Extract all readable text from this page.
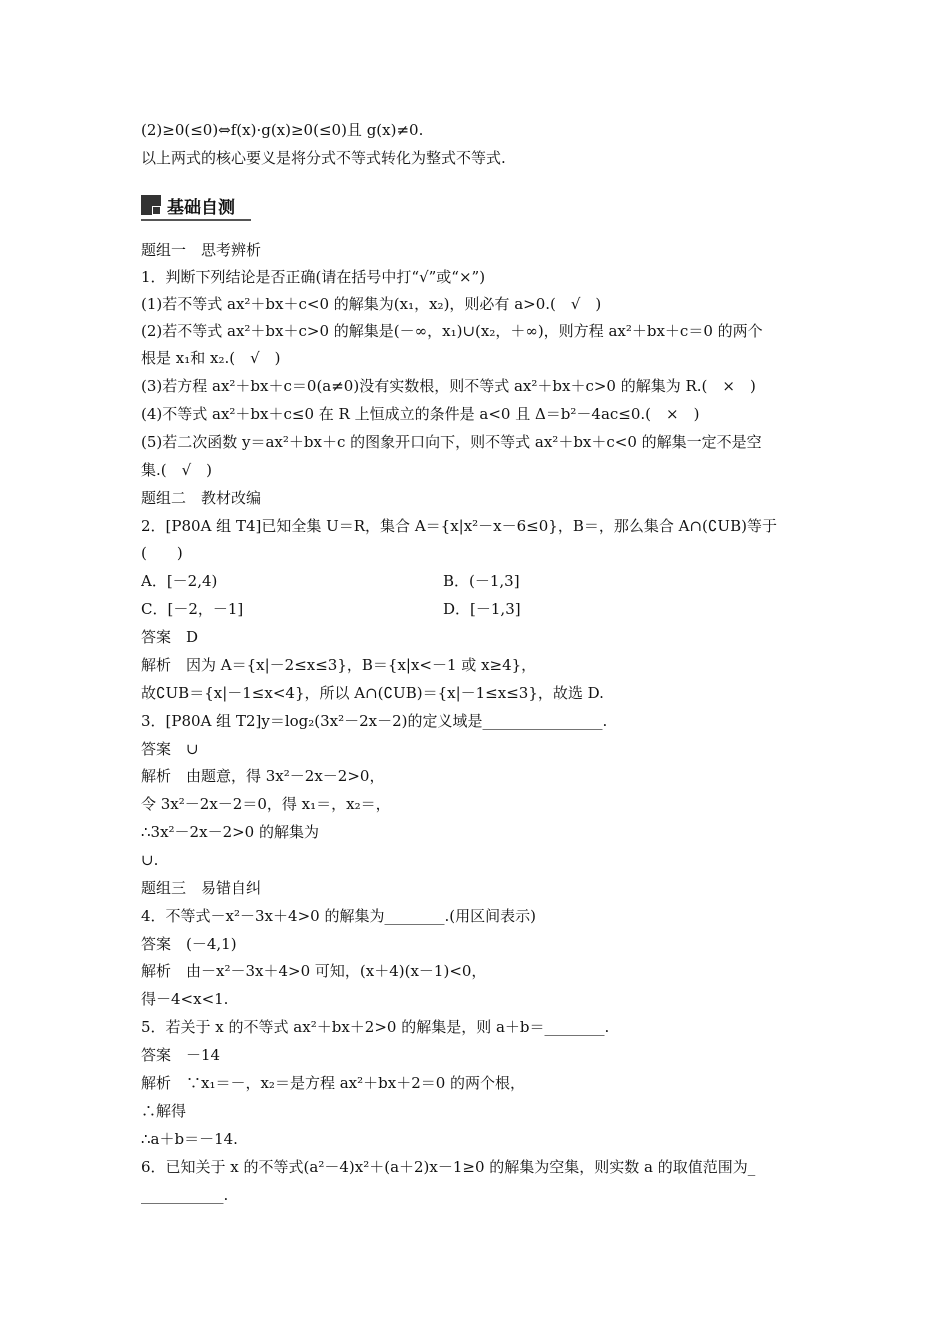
(2)≥0(≤0)⇔f(x)·g(x)≥0(≤0)且 g(x)≠0.
以上两式的核心要义是将分式不等式转化为整式不等式.
基础自测
题组一　思考辨析
1．判断下列结论是否正确(请在括号中打“√”或“×”)
(1)若不等式 ax²＋bx＋c<0 的解集为(x₁，x₂)，则必有 a>0.(　√　)
(2)若不等式 ax²＋bx＋c>0 的解集是(－∞，x₁)∪(x₂，＋∞)，则方程 ax²＋bx＋c＝0 的两个
根是 x₁和 x₂.(　√　)
(3)若方程 ax²＋bx＋c＝0(a≠0)没有实数根，则不等式 ax²＋bx＋c>0 的解集为 R.(　×　)
(4)不等式 ax²＋bx＋c≤0 在 R 上恒成立的条件是 a<0 且 Δ＝b²－4ac≤0.(　×　)
(5)若二次函数 y＝ax²＋bx＋c 的图象开口向下，则不等式 ax²＋bx＋c<0 的解集一定不是空
集.(　√　)
题组二　教材改编
2．[P80A 组 T4]已知全集 U＝R，集合 A＝{x|x²－x－6≤0}，B＝，那么集合 A∩(∁UB)等于
(　　)
A．[－2,4)	B．(－1,3]
C．[－2，－1]	D．[－1,3]
答案　D
解析　因为 A＝{x|－2≤x≤3}，B＝{x|x<－1 或 x≥4}，
故∁UB＝{x|－1≤x<4}，所以 A∩(∁UB)＝{x|－1≤x≤3}，故选 D.
3．[P80A 组 T2]y＝log₂(3x²－2x－2)的定义域是________________.
答案　∪
解析　由题意，得 3x²－2x－2>0，
令 3x²－2x－2＝0，得 x₁＝，x₂＝，
∴3x²－2x－2>0 的解集为
∪.
题组三　易错自纠
4．不等式－x²－3x＋4>0 的解集为________.(用区间表示)
答案　(－4,1)
解析　由－x²－3x＋4>0 可知，(x＋4)(x－1)<0，
得－4<x<1.
5．若关于 x 的不等式 ax²＋bx＋2>0 的解集是，则 a＋b＝________.
答案　－14
解析　∵x₁＝－，x₂＝是方程 ax²＋bx＋2＝0 的两个根，
∴解得
∴a＋b＝－14.
6．已知关于 x 的不等式(a²－4)x²＋(a＋2)x－1≥0 的解集为空集，则实数 a 的取值范围为_
___________.
